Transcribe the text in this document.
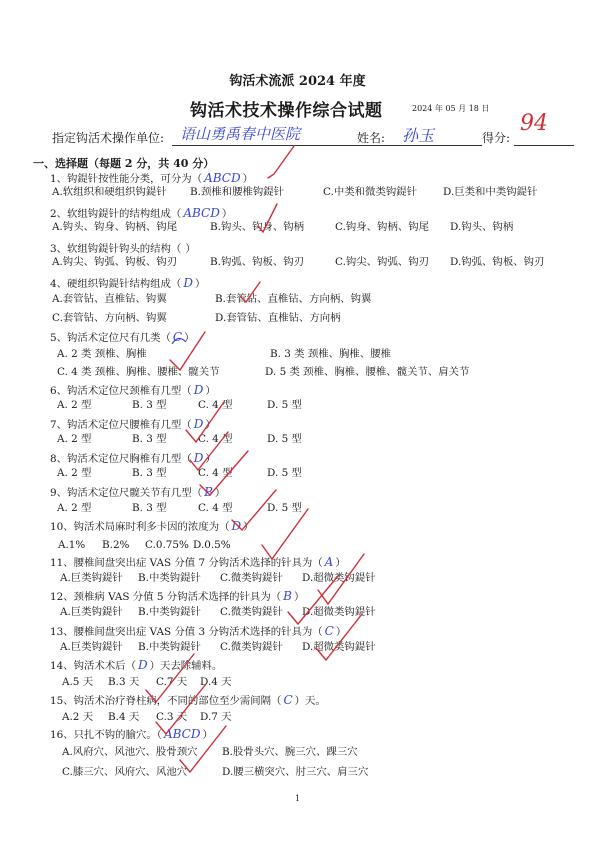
钩活术流派 2024 年度
钩活术技术操作综合试题	2024 年 05 月 18 日
指定钩活术操作单位: 语山勇禹春中医院	姓名: 孙玉	得分:
94
一、选择题（每题 2 分，共 40 分）
1、钩鍉针按性能分类，可分为（ ABCD ）
A.软组织和硬组织钩鍉针 B.颈椎和腰椎钩鍉针	C.中类和微类钩鍉针 D.巨类和中类钩鍉针
2、软组钩鍉针的结构组成（ ABCD ）
A.钩头、钩身、钩柄、钩尾	B.钩头、钩身、钩柄	C.钩身、钩柄、钩尾 D.钩头、钩柄
3、软组钩鍉针钩头的结构（ ）
A.钩尖、钩弧、钩板、钩刃	B.钩弧、钩板、钩刃	C.钩尖、钩弧、钩刃 D.钩弧、钩板、钩刃
4、硬组织钩鍉针结构组成（ D ）
A.套管钻、直椎钻、钩翼	B.套管钻、直椎钻、方向柄、钩翼
C.套管钻、方向柄、钩翼	D.套管钻、直椎钻、方向柄
5、钩活术定位尺有几类（ C ）
A. 2 类 颈椎、胸椎	B. 3 类 颈椎、胸椎、腰椎
C. 4 类 颈椎、胸椎、腰椎、髋关节	D. 5 类 颈椎、胸椎、腰椎、髋关节、肩关节
6、钩活术定位尺颈椎有几型（ D ）
A. 2 型	B. 3 型	C. 4 型	D. 5 型
7、钩活术定位尺腰椎有几型（ D ）
A. 2 型	B. 3 型	C. 4 型	D. 5 型
8、钩活术定位尺胸椎有几型（ D ）
A. 2 型	B. 3 型	C. 4 型	D. 5 型
9、钩活术定位尺髋关节有几型（ B ）
A. 2 型	B. 3 型	C. 4 型	D. 5 型
10、钩活术局麻时利多卡因的浓度为（ D ）
A.1% B.2% C.0.75% D.0.5%
11、腰椎间盘突出症 VAS 分值 7 分钩活术选择的针具为（ A ）
A.巨类钩鍉针 B.中类钩鍉针 C.微类钩鍉针 D.超微类钩鍉针
12、颈椎病 VAS 分值 5 分钩活术选择的针具为（ B ）
A.巨类钩鍉针 B.中类钩鍉针 C.微类钩鍉针 D.超微类钩鍉针
13、腰椎间盘突出症 VAS 分值 3 分钩活术选择的针具为（ C ）
A.巨类钩鍉针 B.中类钩鍉针 C.微类钩鍉针 D.超微类钩鍉针
14、钩活术术后（ D ）天去除辅料。
A.5 天 B.3 天 C.7 天 D.4 天
15、钩活术治疗脊柱病，不同的部位至少需间隔（ C ）天。
A.2 天 B.4 天 C.3 天 D.7 天
16、只扎不钩的腧穴。（ ABCD ）
A.风府穴、风池穴、股骨颈穴 B.股骨头穴、腕三穴、踝三穴
C.膝三穴、风府穴、风池穴	D.腰三横突穴、肘三穴、肩三穴
1
